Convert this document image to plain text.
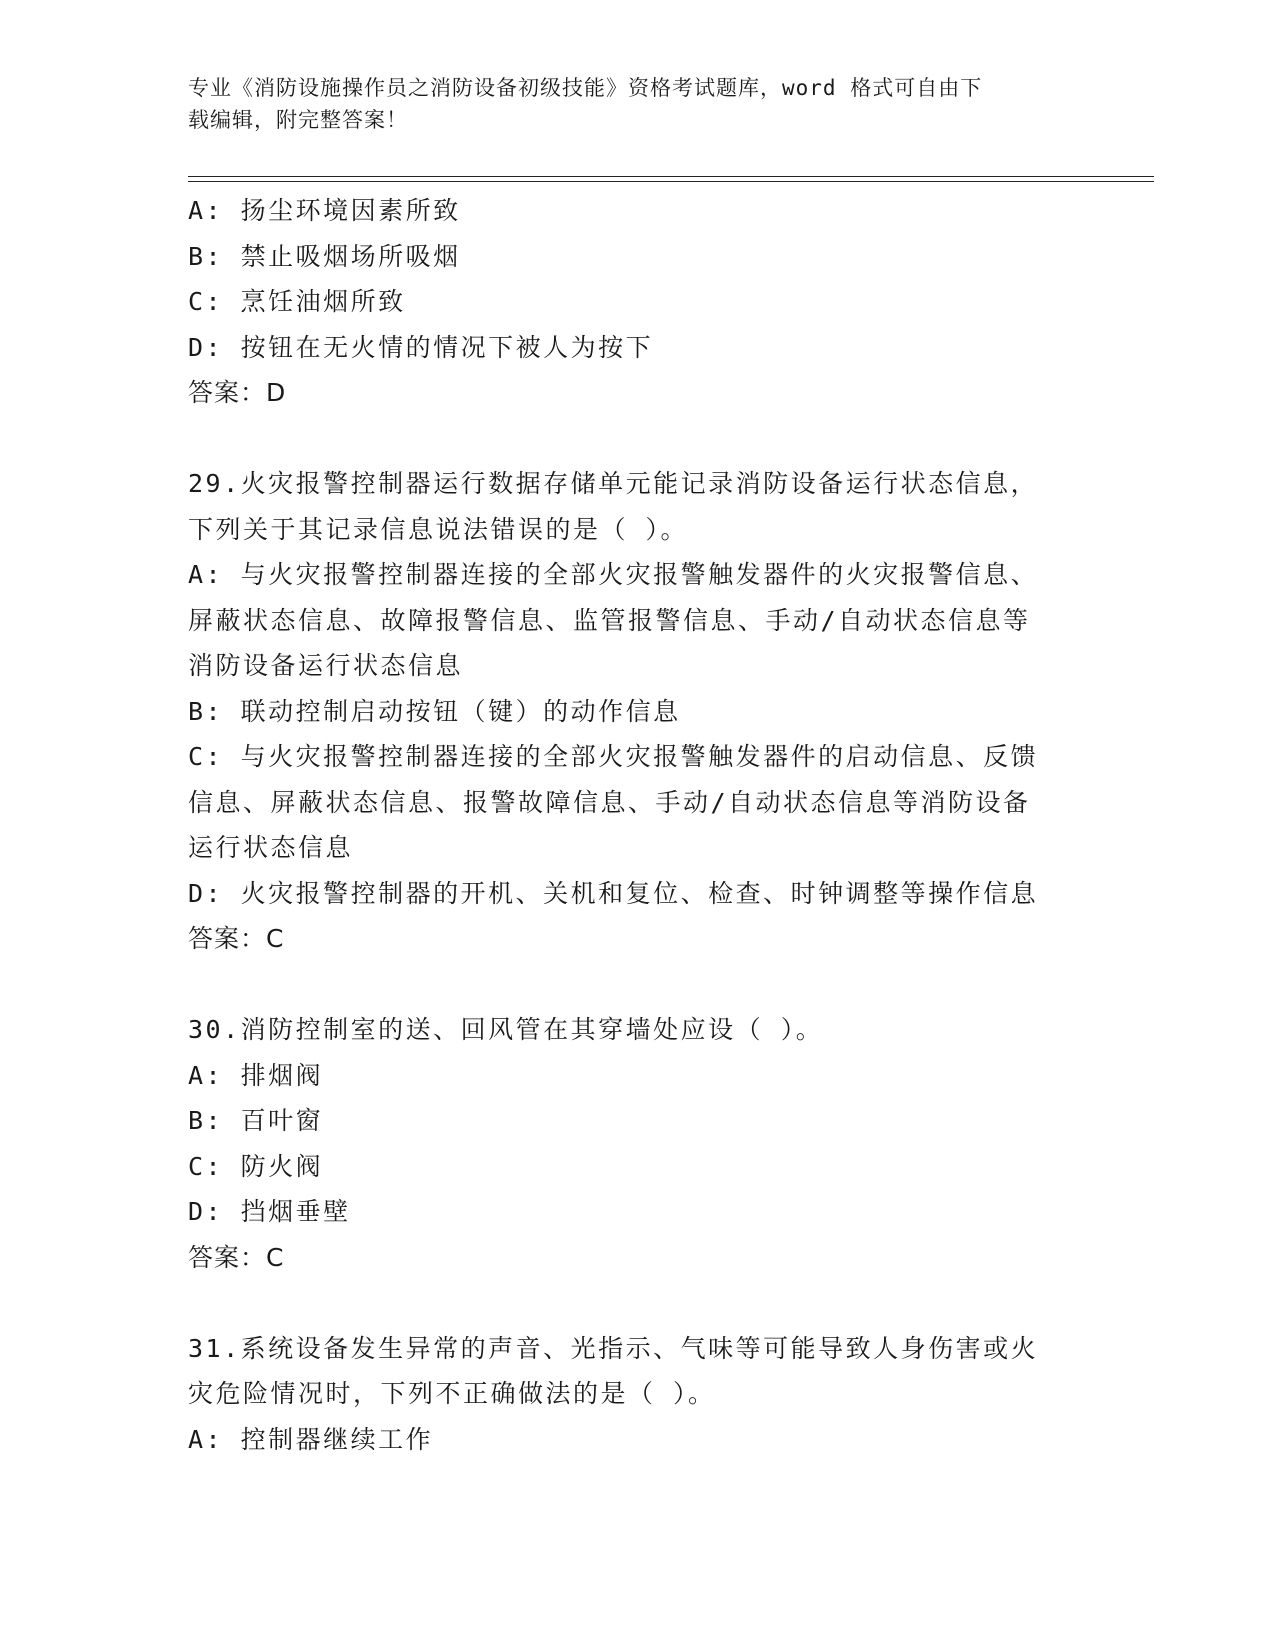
专业《消防设施操作员之消防设备初级技能》资格考试题库，word 格式可自由下
载编辑，附完整答案！
A: 扬尘环境因素所致
B: 禁止吸烟场所吸烟
C: 烹饪油烟所致
D: 按钮在无火情的情况下被人为按下
答案：D
29.火灾报警控制器运行数据存储单元能记录消防设备运行状态信息，
下列关于其记录信息说法错误的是（ ）。
A: 与火灾报警控制器连接的全部火灾报警触发器件的火灾报警信息、
屏蔽状态信息、故障报警信息、监管报警信息、手动/自动状态信息等
消防设备运行状态信息
B: 联动控制启动按钮（键）的动作信息
C: 与火灾报警控制器连接的全部火灾报警触发器件的启动信息、反馈
信息、屏蔽状态信息、报警故障信息、手动/自动状态信息等消防设备
运行状态信息
D: 火灾报警控制器的开机、关机和复位、检查、时钟调整等操作信息
答案：C
30.消防控制室的送、回风管在其穿墙处应设（ ）。
A: 排烟阀
B: 百叶窗
C: 防火阀
D: 挡烟垂壁
答案：C
31.系统设备发生异常的声音、光指示、气味等可能导致人身伤害或火
灾危险情况时，下列不正确做法的是（ ）。
A: 控制器继续工作
